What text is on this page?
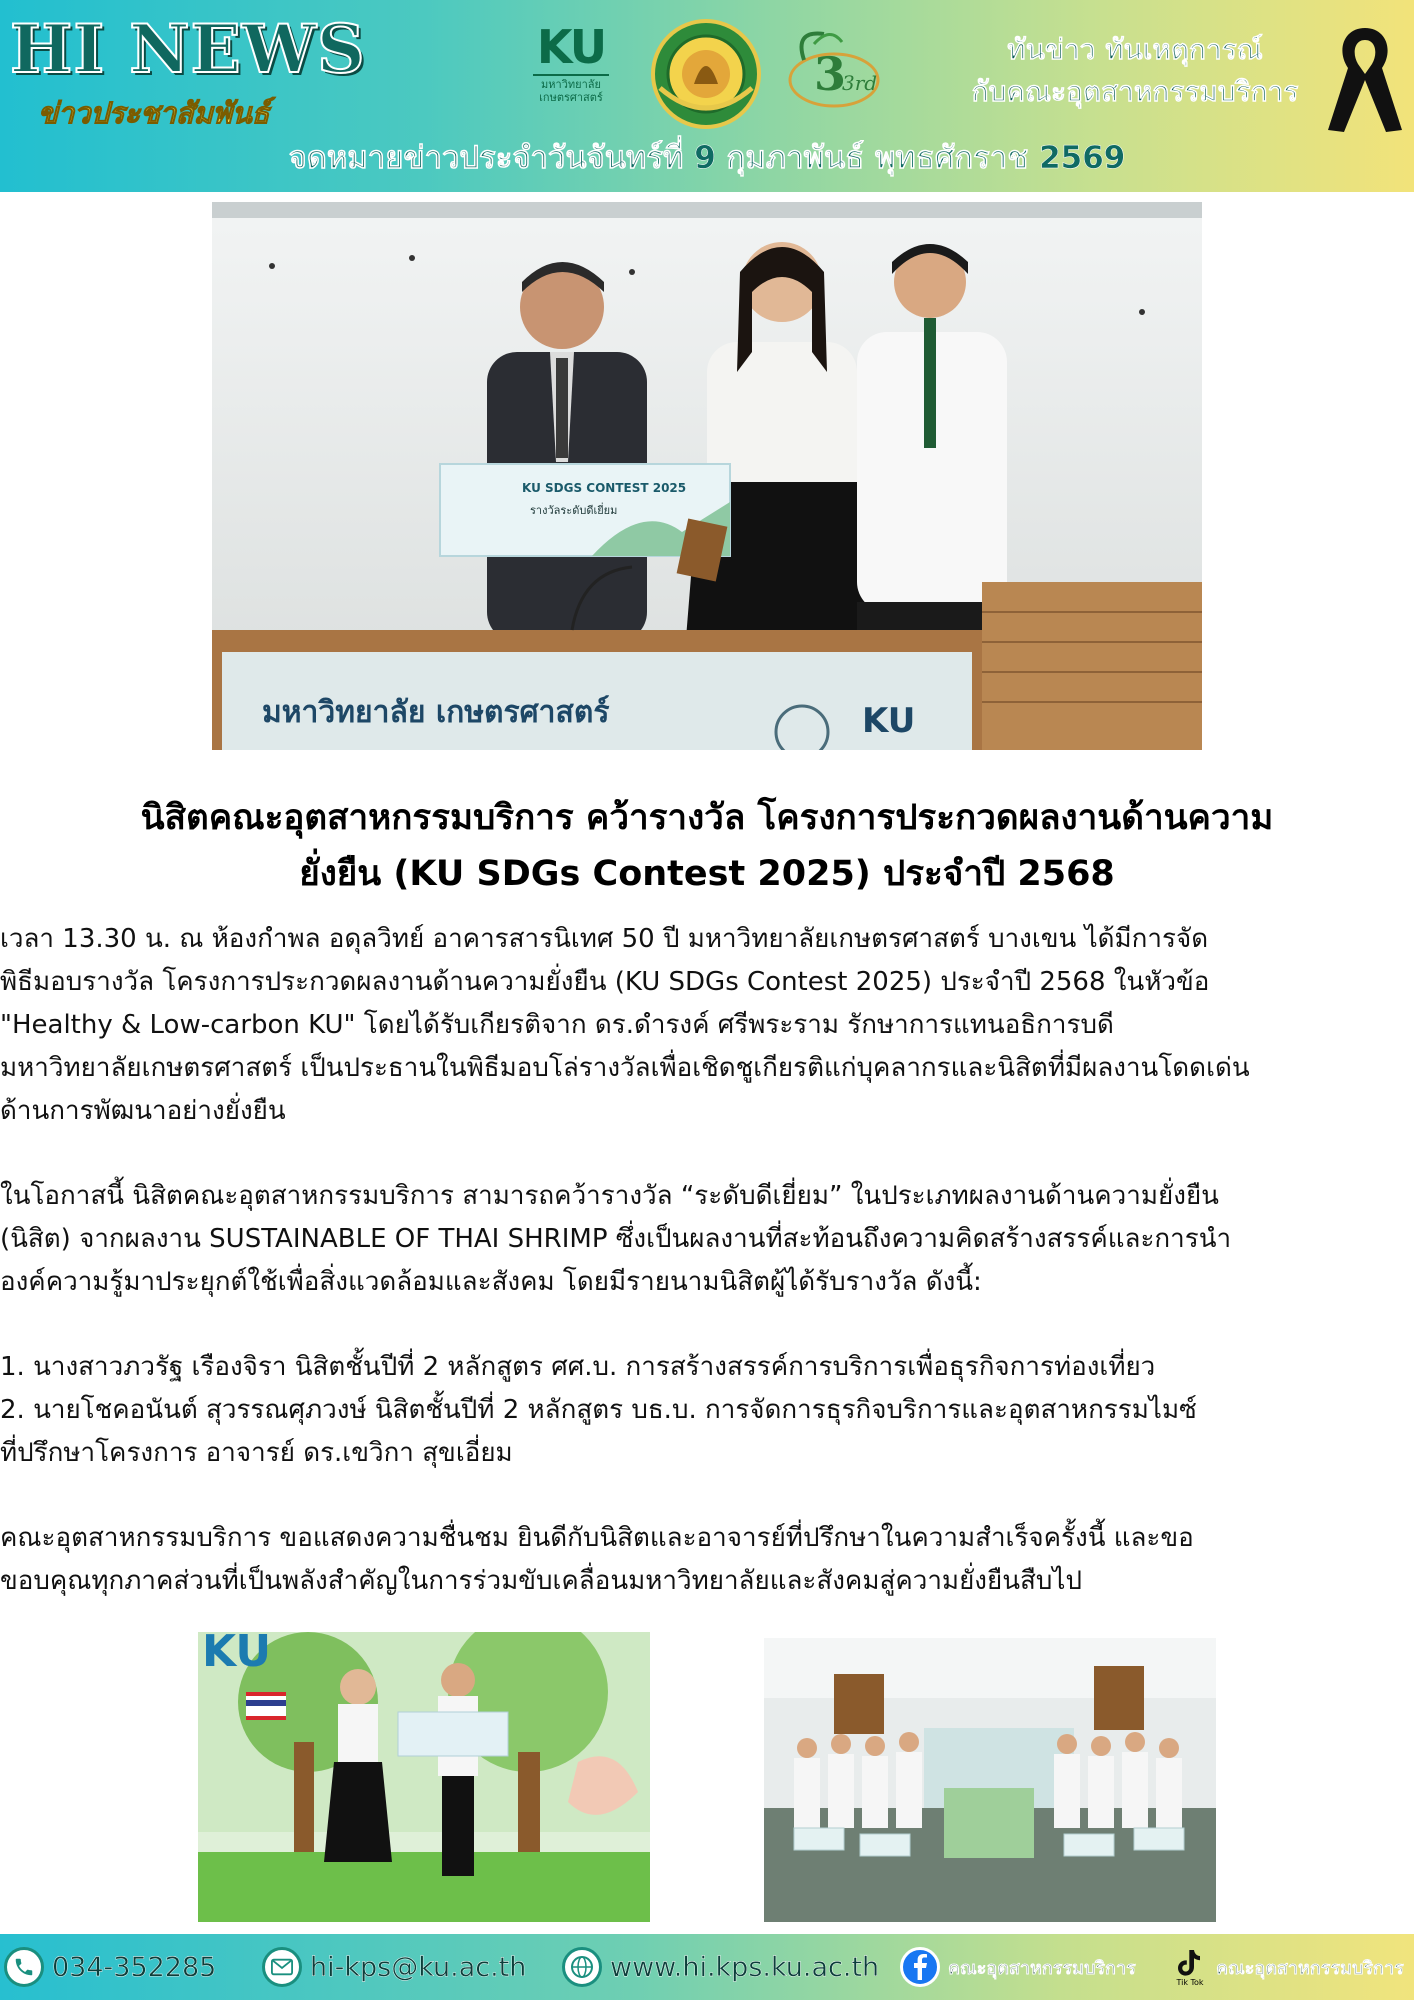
HI NEWS
ข่าวประชาสัมพันธ์
KU
มหาวิทยาลัยเกษตรศาสตร์	3
3rd
ทันข่าว ทันเหตุการณ์
กับคณะอุตสาหกรรมบริการ
จดหมายข่าวประจำวันจันทร์ที่ 9 กุมภาพันธ์ พุทธศักราช 2569
KU SDGS CONTEST 2025
รางวัลระดับดีเยี่ยม
มหาวิทยาลัย เกษตรศาสตร์	KU
นิสิตคณะอุตสาหกรรมบริการ คว้ารางวัล โครงการประกวดผลงานด้านความ
ยั่งยืน (KU SDGs Contest 2025) ประจำปี 2568

เวลา 13.30 น. ณ ห้องกำพล อดุลวิทย์ อาคารสารนิเทศ 50 ปี มหาวิทยาลัยเกษตรศาสตร์ บางเขน ได้มีการจัด
พิธีมอบรางวัล โครงการประกวดผลงานด้านความยั่งยืน (KU SDGs Contest 2025) ประจำปี 2568 ในหัวข้อ
"Healthy & Low-carbon KU" โดยได้รับเกียรติจาก ดร.ดำรงค์ ศรีพระราม รักษาการแทนอธิการบดี
มหาวิทยาลัยเกษตรศาสตร์ เป็นประธานในพิธีมอบโล่รางวัลเพื่อเชิดชูเกียรติแก่บุคลากรและนิสิตที่มีผลงานโดดเด่น
ด้านการพัฒนาอย่างยั่งยืน

ในโอกาสนี้ นิสิตคณะอุตสาหกรรมบริการ สามารถคว้ารางวัล “ระดับดีเยี่ยม” ในประเภทผลงานด้านความยั่งยืน
(นิสิต) จากผลงาน SUSTAINABLE OF THAI SHRIMP ซึ่งเป็นผลงานที่สะท้อนถึงความคิดสร้างสรรค์และการนำ
องค์ความรู้มาประยุกต์ใช้เพื่อสิ่งแวดล้อมและสังคม โดยมีรายนามนิสิตผู้ได้รับรางวัล ดังนี้:

1. นางสาวภวรัฐ เรืองจิรา นิสิตชั้นปีที่ 2 หลักสูตร ศศ.บ. การสร้างสรรค์การบริการเพื่อธุรกิจการท่องเที่ยว

2. นายโชคอนันต์ สุวรรณศุภวงษ์ นิสิตชั้นปีที่ 2 หลักสูตร บธ.บ. การจัดการธุรกิจบริการและอุตสาหกรรมไมซ์

ที่ปรึกษาโครงการ อาจารย์ ดร.เขวิกา สุขเอี่ยม

คณะอุตสาหกรรมบริการ ขอแสดงความชื่นชม ยินดีกับนิสิตและอาจารย์ที่ปรึกษาในความสำเร็จครั้งนี้ และขอ
ขอบคุณทุกภาคส่วนที่เป็นพลังสำคัญในการร่วมขับเคลื่อนมหาวิทยาลัยและสังคมสู่ความยั่งยืนสืบไป

KU
034-352285	hi-kps@ku.ac.th	www.hi.kps.ku.ac.th	คณะอุตสาหกรรมบริการ
Tik Tok
คณะอุตสาหกรรมบริการ
